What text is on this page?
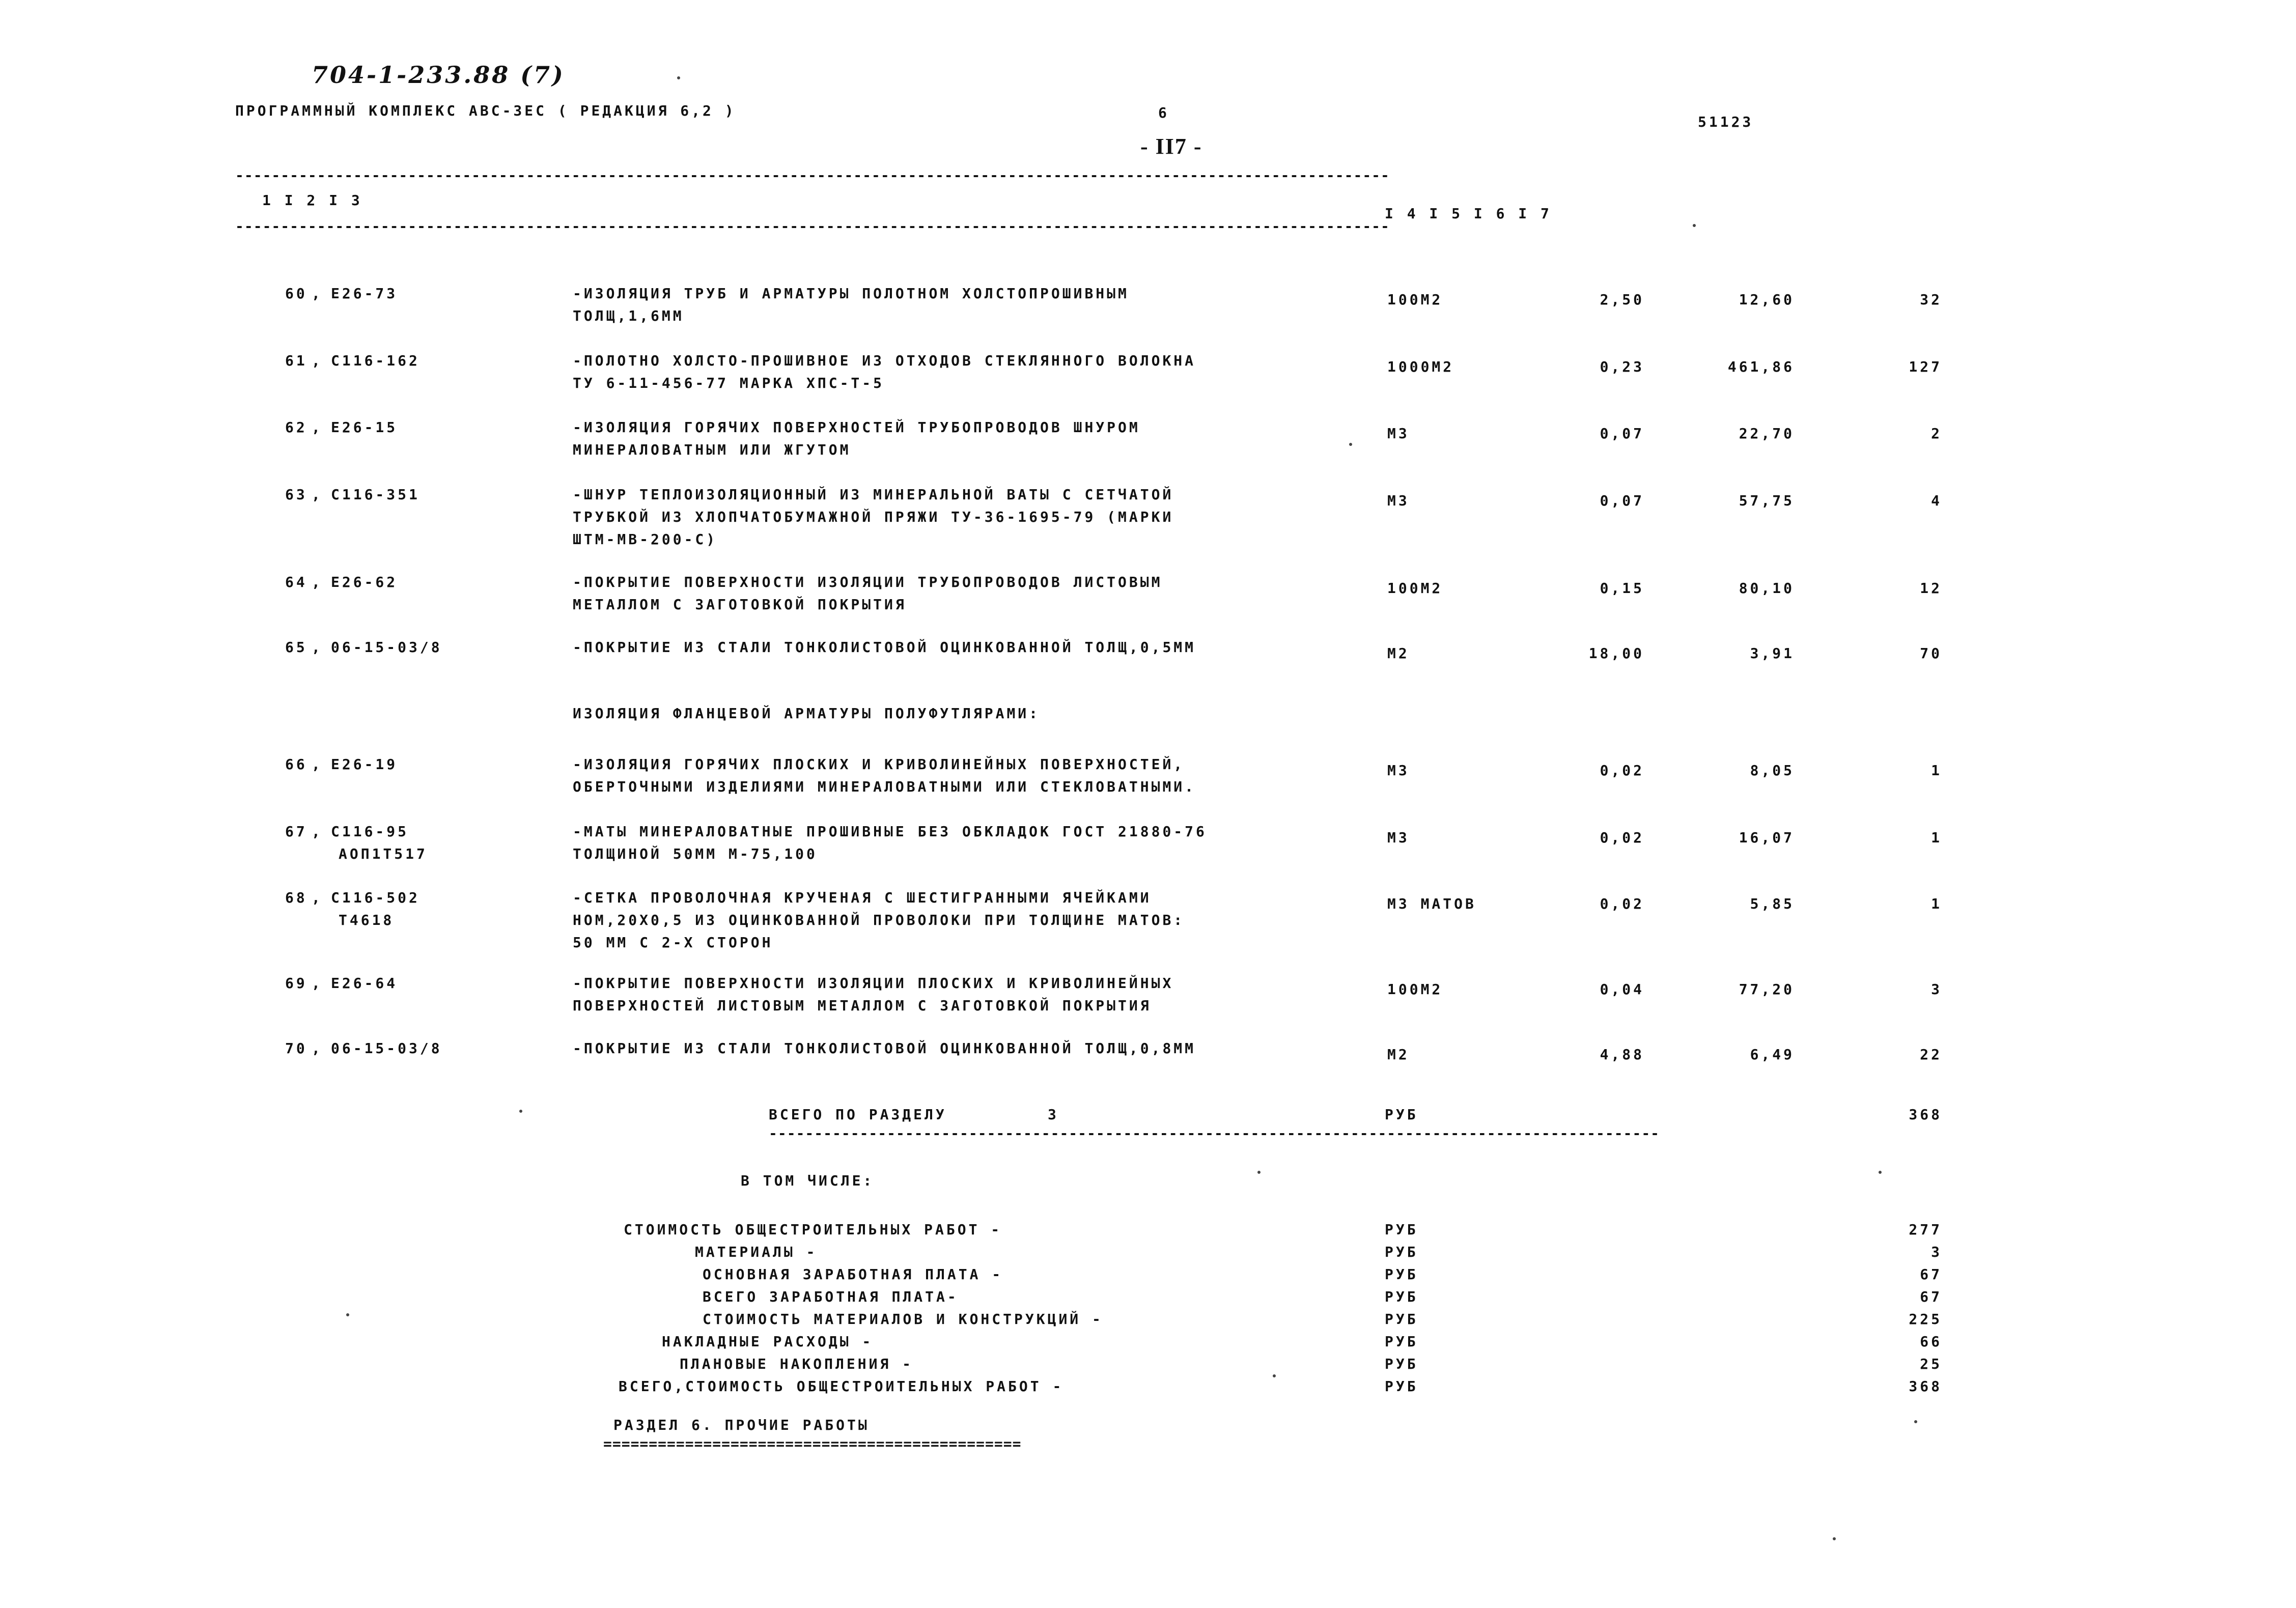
704-1-233.88 (7)
ПРОГРАММНЫЙ КОМПЛЕКС АВС-ЗЕС ( РЕДАКЦИЯ 6,2 )	6
51123
- II7 -
-------------------------------------------------------------------------------------------------------------------------------
1 I 2 I 3
I 4 I 5 I 6 I 7
-------------------------------------------------------------------------------------------------------------------------------
60 , Е26-73	-ИЗОЛЯЦИЯ ТРУБ И АРМАТУРЫ ПОЛОТНОМ ХОЛСТОПРОШИВНЫМ
ТОЛЩ,1,6ММ
100М2	2,50	12,60	32
61 , С116-162	-ПОЛОТНО ХОЛСТО-ПРОШИВНОЕ ИЗ ОТХОДОВ СТЕКЛЯННОГО ВОЛОКНА
ТУ 6-11-456-77 МАРКА ХПС-Т-5
1000М2	0,23	461,86	127
62 , Е26-15	-ИЗОЛЯЦИЯ ГОРЯЧИХ ПОВЕРХНОСТЕЙ ТРУБОПРОВОДОВ ШНУРОМ
МИНЕРАЛОВАТНЫМ ИЛИ ЖГУТОМ
М3	0,07	22,70	2
63 , С116-351	-ШНУР ТЕПЛОИЗОЛЯЦИОННЫЙ ИЗ МИНЕРАЛЬНОЙ ВАТЫ С СЕТЧАТОЙ
ТРУБКОЙ ИЗ ХЛОПЧАТОБУМАЖНОЙ ПРЯЖИ ТУ-36-1695-79 (МАРКИ
ШТМ-МВ-200-С)
М3	0,07	57,75	4
64 , Е26-62	-ПОКРЫТИЕ ПОВЕРХНОСТИ ИЗОЛЯЦИИ ТРУБОПРОВОДОВ ЛИСТОВЫМ
МЕТАЛЛОМ С ЗАГОТОВКОЙ ПОКРЫТИЯ
100М2	0,15	80,10	12
65 , 06-15-03/8	-ПОКРЫТИЕ ИЗ СТАЛИ ТОНКОЛИСТОВОЙ ОЦИНКОВАННОЙ ТОЛЩ,0,5ММ	М2	18,00	3,91	70
ИЗОЛЯЦИЯ ФЛАНЦЕВОЙ АРМАТУРЫ ПОЛУФУТЛЯРАМИ:
66 , Е26-19	-ИЗОЛЯЦИЯ ГОРЯЧИХ ПЛОСКИХ И КРИВОЛИНЕЙНЫХ ПОВЕРХНОСТЕЙ,
ОБЕРТОЧНЫМИ ИЗДЕЛИЯМИ МИНЕРАЛОВАТНЫМИ ИЛИ СТЕКЛОВАТНЫМИ.
М3	0,02	8,05	1
67 , С116-95
АОП1Т517
-МАТЫ МИНЕРАЛОВАТНЫЕ ПРОШИВНЫЕ БЕЗ ОБКЛАДОК ГОСТ 21880-76
ТОЛЩИНОЙ 50ММ М-75,100
М3	0,02	16,07	1
68 , С116-502
Т4618
-СЕТКА ПРОВОЛОЧНАЯ КРУЧЕНАЯ С ШЕСТИГРАННЫМИ ЯЧЕЙКАМИ
НОМ,20Х0,5 ИЗ ОЦИНКОВАННОЙ ПРОВОЛОКИ ПРИ ТОЛЩИНЕ МАТОВ:
50 ММ С 2-Х СТОРОН
М3 МАТОВ	0,02	5,85	1
69 , Е26-64	-ПОКРЫТИЕ ПОВЕРХНОСТИ ИЗОЛЯЦИИ ПЛОСКИХ И КРИВОЛИНЕЙНЫХ
ПОВЕРХНОСТЕЙ ЛИСТОВЫМ МЕТАЛЛОМ С ЗАГОТОВКОЙ ПОКРЫТИЯ
100М2	0,04	77,20	3
70 , 06-15-03/8	-ПОКРЫТИЕ ИЗ СТАЛИ ТОНКОЛИСТОВОЙ ОЦИНКОВАННОЙ ТОЛЩ,0,8ММ	М2	4,88	6,49	22
ВСЕГО ПО РАЗДЕЛУ	3	РУБ	368
--------------------------------------------------------------------------------------------------
В ТОМ ЧИСЛЕ:
СТОИМОСТЬ ОБЩЕСТРОИТЕЛЬНЫХ РАБОТ -	РУБ	277
МАТЕРИАЛЫ -	РУБ	3
ОСНОВНАЯ ЗАРАБОТНАЯ ПЛАТА -	РУБ	67
ВСЕГО ЗАРАБОТНАЯ ПЛАТА-	РУБ	67
СТОИМОСТЬ МАТЕРИАЛОВ И КОНСТРУКЦИЙ -	РУБ	225
НАКЛАДНЫЕ РАСХОДЫ -	РУБ	66
ПЛАНОВЫЕ НАКОПЛЕНИЯ -	РУБ	25
ВСЕГО,СТОИМОСТЬ ОБЩЕСТРОИТЕЛЬНЫХ РАБОТ -	РУБ	368
РАЗДЕЛ 6. ПРОЧИЕ РАБОТЫ
==============================================
